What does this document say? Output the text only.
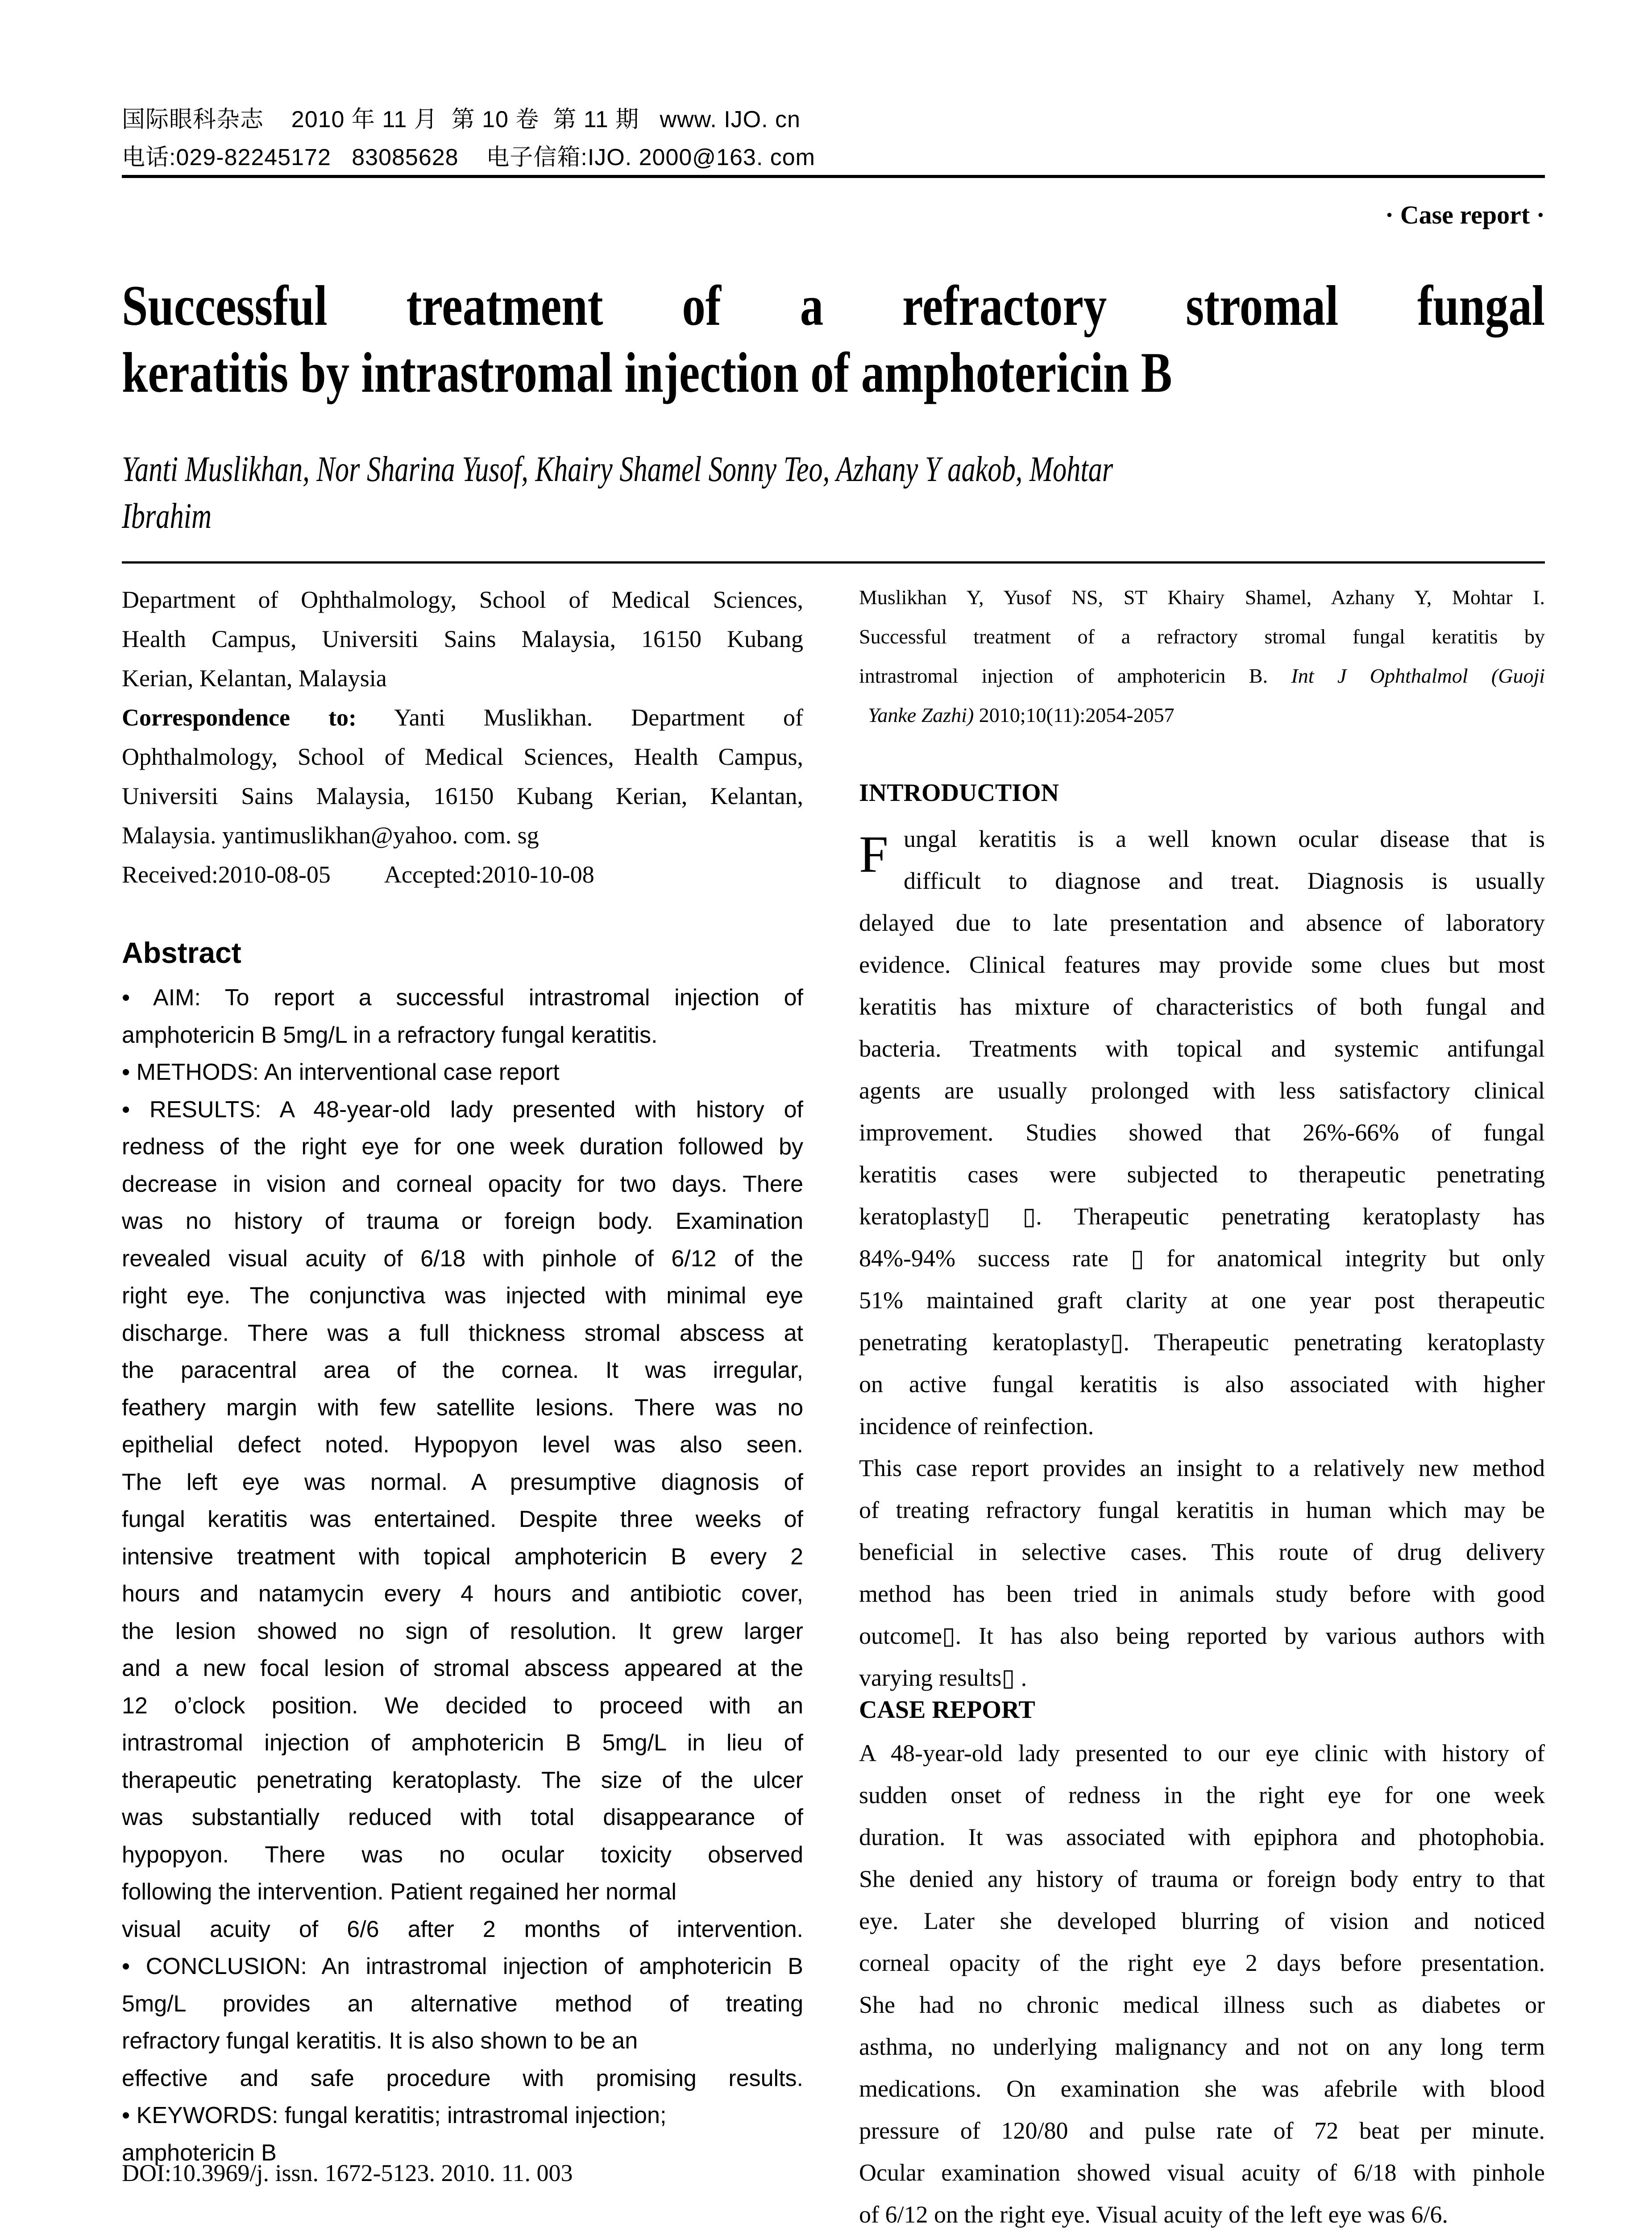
国际眼科杂志    2010 年 11 月  第 10 卷  第 11 期   www. IJO. cn
电话:029-82245172   83085628    电子信箱:IJO. 2000@163. com
· Case report ·
Successful treatment of a refractory stromal fungal
keratitis by intrastromal injection of amphotericin B
Yanti Muslikhan, Nor Sharina Yusof, Khairy Shamel Sonny Teo, Azhany Y aakob, Mohtar
Ibrahim
Department of Ophthalmology, School of Medical Sciences,
Health Campus, Universiti Sains Malaysia, 16150 Kubang
Kerian, Kelantan, Malaysia
Correspondence to: Yanti Muslikhan. Department of
Ophthalmology, School of Medical Sciences, Health Campus,
Universiti Sains Malaysia, 16150 Kubang Kerian, Kelantan,
Malaysia. yantimuslikhan@yahoo. com. sg
Received:2010-08-05 Accepted:2010-10-08
Abstract
• AIM: To report a successful intrastromal injection of
amphotericin B 5mg/L in a refractory fungal keratitis.
• METHODS: An interventional case report
• RESULTS: A 48-year-old lady presented with history of
redness of the right eye for one week duration followed by
decrease in vision and corneal opacity for two days. There
was no history of trauma or foreign body. Examination
revealed visual acuity of 6/18 with pinhole of 6/12 of the
right eye. The conjunctiva was injected with minimal eye
discharge. There was a full thickness stromal abscess at
the paracentral area of the cornea. It was irregular,
feathery margin with few satellite lesions. There was no
epithelial defect noted. Hypopyon level was also seen.
The left eye was normal. A presumptive diagnosis of
fungal keratitis was entertained. Despite three weeks of
intensive treatment with topical amphotericin B every 2
hours and natamycin every 4 hours and antibiotic cover,
the lesion showed no sign of resolution. It grew larger
and a new focal lesion of stromal abscess appeared at the
12 o’clock position. We decided to proceed with an
intrastromal injection of amphotericin B 5mg/L in lieu of
therapeutic penetrating keratoplasty. The size of the ulcer
was substantially reduced with total disappearance of
hypopyon. There was no ocular toxicity observed
following the intervention. Patient regained her normal
visual acuity of 6/6 after 2 months of intervention.
• CONCLUSION: An intrastromal injection of amphotericin B
5mg/L provides an alternative method of treating
refractory fungal keratitis. It is also shown to be an
effective and safe procedure with promising results.
• KEYWORDS: fungal keratitis; intrastromal injection;
amphotericin B
DOI:10.3969/j. issn. 1672-5123. 2010. 11. 003
Muslikhan Y, Yusof NS, ST Khairy Shamel, Azhany Y, Mohtar I.
Successful treatment of a refractory stromal fungal keratitis by
intrastromal injection of amphotericin B. Int J Ophthalmol (Guoji
Yanke Zazhi) 2010;10(11):2054-2057
INTRODUCTION
F ungal keratitis is a well known ocular disease that is
difficult to diagnose and treat. Diagnosis is usually
delayed due to late presentation and absence of laboratory
evidence. Clinical features may provide some clues but most
keratitis has mixture of characteristics of both fungal and
bacteria. Treatments with topical and systemic antifungal
agents are usually prolonged with less satisfactory clinical
improvement. Studies showed that 26%-66% of fungal
keratitis cases were subjected to therapeutic penetrating
keratoplasty▯ ▯. Therapeutic penetrating keratoplasty has
84%-94% success rate ▯ for anatomical integrity but only
51% maintained graft clarity at one year post therapeutic
penetrating keratoplasty▯. Therapeutic penetrating keratoplasty
on active fungal keratitis is also associated with higher
incidence of reinfection.
This case report provides an insight to a relatively new method
of treating refractory fungal keratitis in human which may be
beneficial in selective cases. This route of drug delivery
method has been tried in animals study before with good
outcome▯. It has also being reported by various authors with
varying results▯ .
CASE REPORT
A 48-year-old lady presented to our eye clinic with history of
sudden onset of redness in the right eye for one week
duration. It was associated with epiphora and photophobia.
She denied any history of trauma or foreign body entry to that
eye. Later she developed blurring of vision and noticed
corneal opacity of the right eye 2 days before presentation.
She had no chronic medical illness such as diabetes or
asthma, no underlying malignancy and not on any long term
medications. On examination she was afebrile with blood
pressure of 120/80 and pulse rate of 72 beat per minute.
Ocular examination showed visual acuity of 6/18 with pinhole
of 6/12 on the right eye. Visual acuity of the left eye was 6/6.
